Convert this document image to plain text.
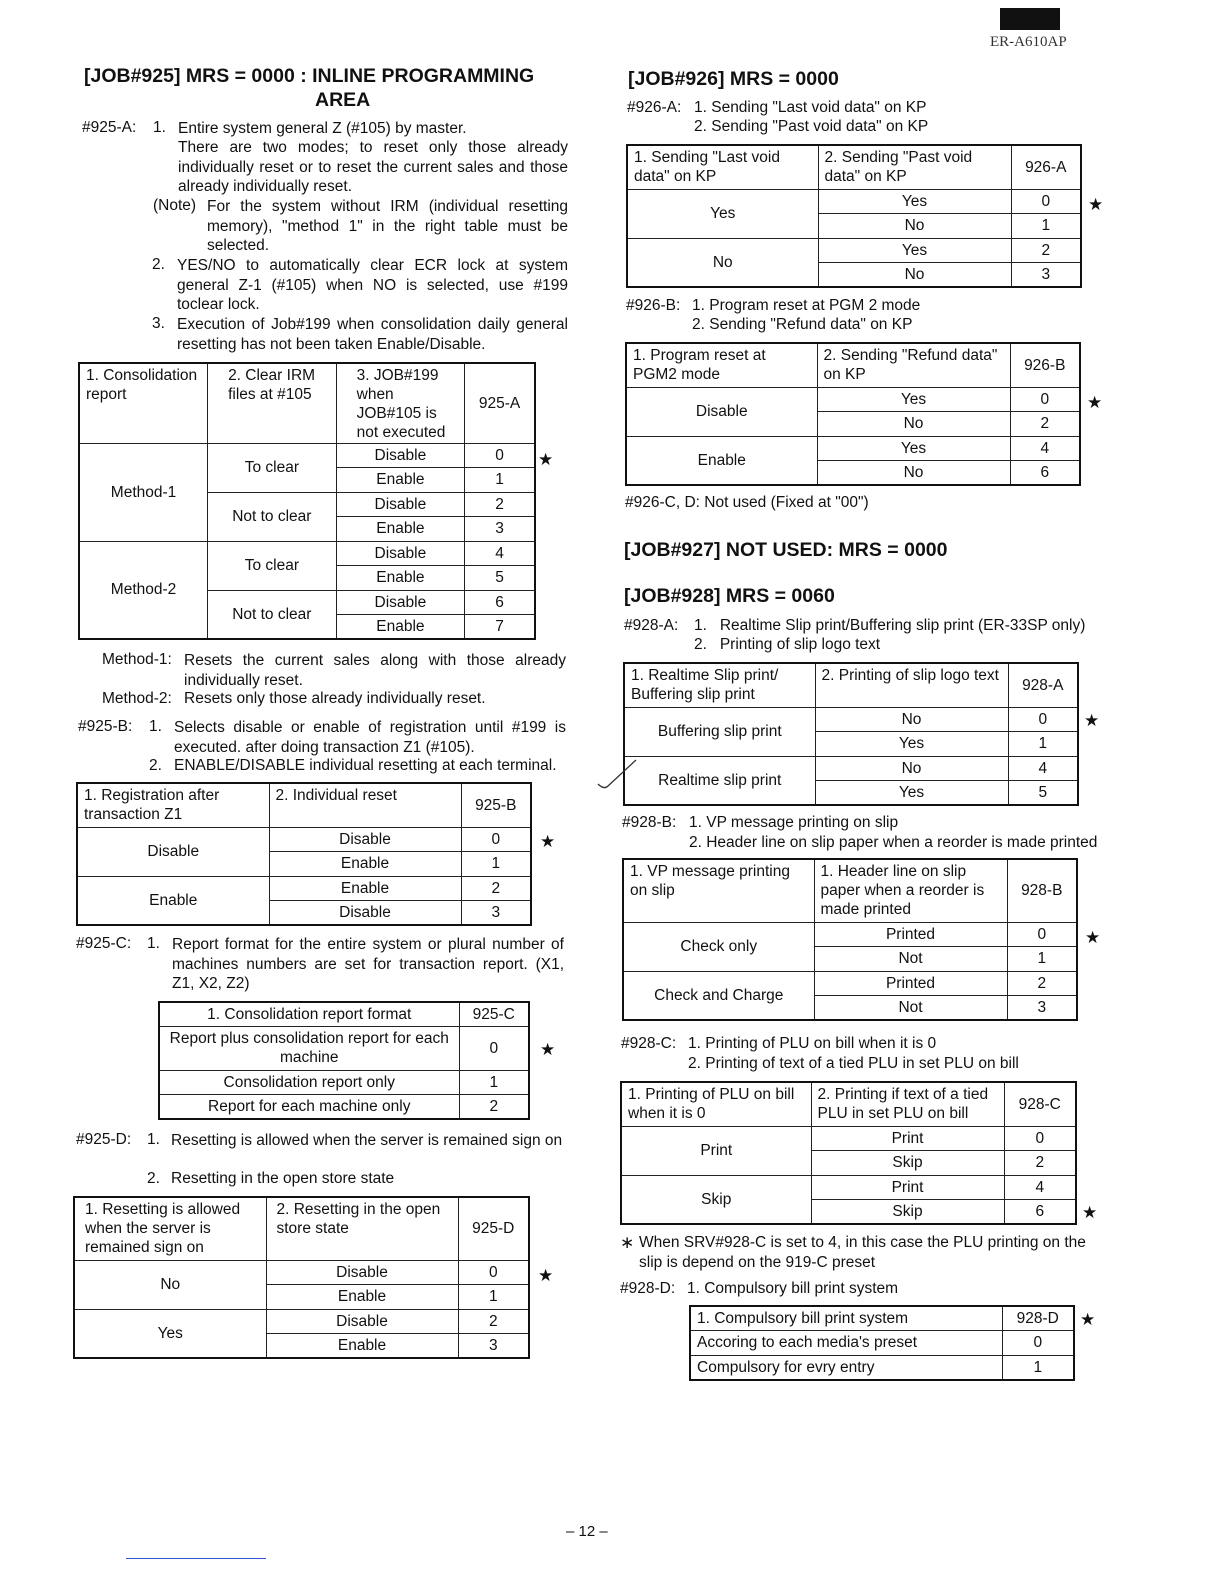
ER-A610AP
[JOB#925] MRS = 0000 : INLINE PROGRAMMING
AREA
#925-A: 1. Entire system general Z (#105) by master.
There are two modes; to reset only those already individually reset or to reset the current sales and those already individually reset.
(Note) For the system without IRM (individual resetting memory), "method 1" in the right table must be selected.
2. YES/NO to automatically clear ECR lock at system general Z-1 (#105) when NO is selected, use #199 toclear lock.
3. Execution of Job#199 when consolidation daily general resetting has not been taken Enable/Disable.
1. Consolidation report	2. Clear IRM files at #105	3. JOB#199 when JOB#105 is not executed	925-A
Method-1	To clear	Disable	0
		Enable	1
	Not to clear	Disable	2
		Enable	3
Method-2	To clear	Disable	4
		Enable	5
	Not to clear	Disable	6
		Enable	7
★
Method-1: Resets the current sales along with those already individually reset.
Method-2: Resets only those already individually reset.
#925-B: 1. Selects disable or enable of registration until #199 is executed. after doing transaction Z1 (#105).
2. ENABLE/DISABLE individual resetting at each terminal.
1. Registration after transaction Z1	2. Individual reset	925-B
Disable	Disable	0
	Enable	1
Enable	Enable	2
	Disable	3
★
#925-C: 1. Report format for the entire system or plural number of machines numbers are set for transaction report. (X1, Z1, X2, Z2)
1. Consolidation report format	925-C
Report plus consolidation report for each machine	0
Consolidation report only	1
Report for each machine only	2
★
#925-D: 1. Resetting is allowed when the server is remained sign on
2. Resetting in the open store state
1. Resetting is allowed when the server is remained sign on	2. Resetting in the open store state	925-D
No	Disable	0
	Enable	1
Yes	Disable	2
	Enable	3
★
[JOB#926] MRS = 0000
#926-A: 1. Sending "Last void data" on KP
2. Sending "Past void data" on KP
1. Sending "Last void data" on KP	2. Sending "Past void data" on KP	926-A
Yes	Yes	0
	No	1
No	Yes	2
	No	3
★
#926-B: 1. Program reset at PGM 2 mode
2. Sending "Refund data" on KP
1. Program reset at PGM2 mode	2. Sending "Refund data" on KP	926-B
Disable	Yes	0
	No	2
Enable	Yes	4
	No	6
★
#926-C, D: Not used (Fixed at "00")
[JOB#927] NOT USED: MRS = 0000
[JOB#928] MRS = 0060
#928-A: 1.   Realtime Slip print/Buffering slip print (ER-33SP only)
2.   Printing of slip logo text
1. Realtime Slip print/ Buffering slip print	2. Printing of slip logo text	928-A
Buffering slip print	No	0
	Yes	1
Realtime slip print	No	4
	Yes	5
★
#928-B: 1. VP message printing on slip
2. Header line on slip paper when a reorder is made printed
1. VP message printing on slip	1. Header line on slip paper when a reorder is made printed	928-B
Check only	Printed	0
	Not	1
Check and Charge	Printed	2
	Not	3
★
#928-C: 1. Printing of PLU on bill when it is 0
2. Printing of text of a tied PLU in set PLU on bill
1. Printing of PLU on bill when it is 0	2. Printing if text of a tied PLU in set PLU on bill	928-C
Print	Print	0
	Skip	2
Skip	Print	4
	Skip	6 ★
∗ When SRV#928-C is set to 4, in this case the PLU printing on the slip is depend on the 919-C preset
#928-D: 1. Compulsory bill print system
1. Compulsory bill print system	928-D
Accoring to each media's preset	0
Compulsory for evry entry	1
★
– 12 –
